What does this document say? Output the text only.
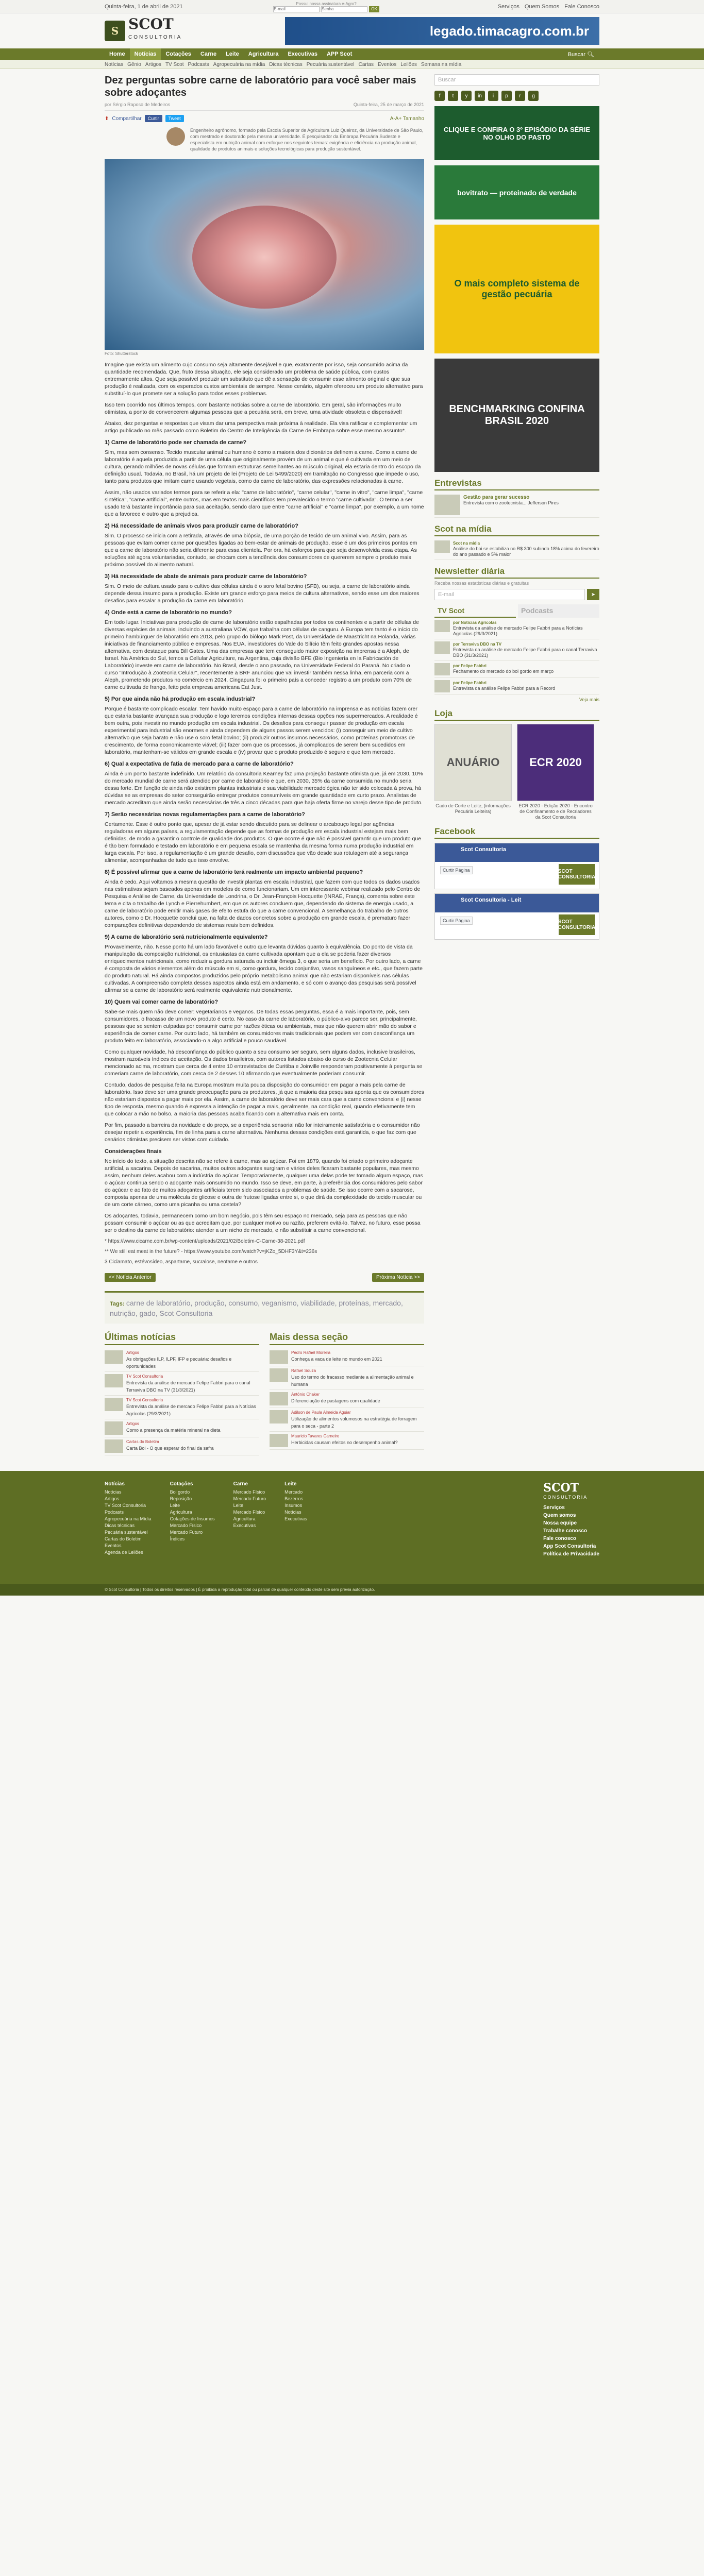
Quinta-feira, 1 de abril de 2021	Possui nossa assinatura e-Agro?
E-mail
OK	Serviços Quem Somos Fale Conosco
S SCOT
CONSULTORIA	legado.timacagro.com.br
Home	Notícias	Cotações	Carne	Leite	Agricultura	Executivas	APP Scot	Buscar 🔍︎
Notícias Gênio Artigos TV Scot Podcasts Agropecuária na mídia Dicas técnicas Pecuária sustentável Cartas Eventos Leilões Semana na mídia
Dez perguntas sobre carne de laboratório para você saber mais sobre adoçantes
por Sérgio Raposo de Medeiros	Quinta-feira, 25 de março de 2021
⬆ Compartilhar	Curtir	Tweet	A-A+ Tamanho

Engenheiro agrônomo, formado pela Escola Superior de Agricultura Luiz Queiroz, da Universidade de São Paulo, com mestrado e doutorado pela mesma universidade. É pesquisador da Embrapa Pecuária Sudeste e especialista em nutrição animal com enfoque nos seguintes temas: exigência e eficiência na produção animal, qualidade de produtos animais e soluções tecnológicas para produção sustentável.

Foto: Shutterstock

Imagine que exista um alimento cujo consumo seja altamente desejável e que, exatamente por isso, seja consumido acima da quantidade recomendada. Que, fruto dessa situação, ele seja considerado um problema de saúde pública, com custos extremamente altos. Que seja possível produzir um substituto que dê a sensação de consumir esse alimento original e que sua produção é realizada, com os esperados custos ambientais de sempre. Nesse cenário, alguém ofereceu um produto alternativo para substituí-lo que promete ser a solução para todos esses problemas.

Isso tem ocorrido nos últimos tempos, com bastante notícias sobre a carne de laboratório. Em geral, são informações muito otimistas, a ponto de convencerem algumas pessoas que a pecuária será, em breve, uma atividade obsoleta e dispensável!

Abaixo, dez perguntas e respostas que visam dar uma perspectiva mais próxima à realidade. Ela visa ratificar e complementar um artigo publicado no mês passado como Boletim do Centro de Inteligência da Carne de Embrapa sobre esse mesmo assunto*.

1) Carne de laboratório pode ser chamada de carne?

Sim, mas sem consenso. Tecido muscular animal ou humano é como a maioria dos dicionários definem a carne. Como a carne de laboratório é aquela produzida a partir de uma célula que originalmente provém de um animal e que é cultivada em um meio de cultura, gerando milhões de novas células que formam estruturas semelhantes ao músculo original, ela estaria dentro do escopo da definição usual. Todavia, no Brasil, há um projeto de lei (Projeto de Lei 5499/2020) em tramitação no Congresso que impede o uso, tanto para produtos que imitam carne usando vegetais, como da carne de laboratório, das expressões relacionadas à carne.

Assim, não usados variados termos para se referir a ela: "carne de laboratório", "carne celular", "carne in vitro", "carne limpa", "carne sintética", "carne artificial", entre outros, mas em textos mais científicos tem prevalecido o termo "carne cultivada". O termo a ser usado terá bastante importância para sua aceitação, sendo claro que entre "carne artificial" e "carne limpa", por exemplo, a um nome que a favorece e outro que a prejudica.

2) Há necessidade de animais vivos para produzir carne de laboratório?

Sim. O processo se inicia com a retirada, através de uma biópsia, de uma porção de tecido de um animal vivo. Assim, para as pessoas que evitam comer carne por questões ligadas ao bem-estar de animais de produção, esse é um dos primeiros pontos em que a carne de laboratório não seria diferente para essa clientela. Por ora, há esforços para que seja desenvolvida essa etapa. As soluções até agora voluntariadas, contudo, se chocam com a tendência dos consumidores de quererem sempre o produto mais próximo possível do alimento natural.

3) Há necessidade de abate de animais para produzir carne de laboratório?

Sim. O meio de cultura usado para o cultivo das células ainda é o soro fetal bovino (SFB), ou seja, a carne de laboratório ainda depende dessa insumo para a produção. Existe um grande esforço para meios de cultura alternativos, sendo esse um dos maiores desafios para escalar a produção da carne em laboratório.

4) Onde está a carne de laboratório no mundo?

Em todo lugar. Iniciativas para produção de carne de laboratório estão espalhadas por todos os continentes e a partir de células de diversas espécies de animais, incluindo a australiana VOW, que trabalha com células de canguru. A Europa tem tanto é o início do primeiro hambúrguer de laboratório em 2013, pelo grupo do biólogo Mark Post, da Universidade de Maastricht na Holanda, várias iniciativas de financiamento público e empresas. Nos EUA, investidores do Vale do Silício têm feito grandes apostas nessa alternativa, com destaque para Bill Gates. Uma das empresas que tem conseguido maior exposição na imprensa é a Aleph, de Israel. Na América do Sul, temos a Cellular Agriculture, na Argentina, cuja divisão BFE (Bio Ingeniería en la Fabricación de Laboratório) investe em carne de laboratório. No Brasil, desde o ano passado, na Universidade Federal do Paraná. No criado o curso "Introdução à Zootecnia Celular", recentemente a BRF anunciou que vai investir também nessa linha, em parceria com a Aleph, prometendo produtos no comércio em 2024. Cingapura foi o primeiro país a conceder registro a um produto com 70% de carne cultivada de frango, feito pela empresa americana Eat Just.

5) Por que ainda não há produção em escala industrial?

Porque é bastante complicado escalar. Tem havido muito espaço para a carne de laboratório na imprensa e as notícias fazem crer que estaria bastante avançada sua produção e logo teremos condições internas dessas opções nos supermercados. A realidade é bem outra, pois investir no mundo produção em escala industrial. Os desafios para conseguir passar de produção em escala experimental para industrial são enormes e ainda dependem de alguns passos serem vencidos: (i) conseguir um meio de cultivo alternativo que seja barato e não use o soro fetal bovino; (ii) produzir outros insumos necessários, como proteínas promotoras de crescimento, de forma economicamente viável; (iii) fazer com que os processos, já complicados de serem bem sucedidos em laboratório, mantenham-se válidos em grande escala e (iv) provar que o produto produzido é seguro e que tem mercado.

6) Qual a expectativa de fatia de mercado para a carne de laboratório?

Ainda é um ponto bastante indefinido. Um relatório da consultoria Kearney faz uma projeção bastante otimista que, já em 2030, 10% do mercado mundial de carne será atendido por carne de laboratório e que, em 2030, 35% da carne consumida no mundo seria dessa forte. Em função de ainda não existirem plantas industriais e sua viabilidade mercadológica não ter sido colocada à prova, há dúvidas se as empresas do setor conseguirão entregar produtos consumíveis em grande quantidade em curto prazo. Analistas de mercado acreditam que ainda serão necessárias de três a cinco décadas para que haja oferta firme no varejo desse tipo de produto.

7) Serão necessárias novas regulamentações para a carne de laboratório?

Certamente. Esse é outro ponto que, apesar de já estar sendo discutido para se delinear o arcabouço legal por agências reguladoras em alguns países, a regulamentação depende que as formas de produção em escala industrial estejam mais bem definidas, de modo a garantir o controle de qualidade dos produtos. O que ocorre é que não é possível garantir que um produto que é tão bem formulado e testado em laboratório e em pequena escala se mantenha da mesma forma numa produção industrial em larga escala. Por isso, a regulamentação é um grande desafio, com discussões que vão desde sua rotulagem até a segurança alimentar, acompanhadas de tudo que isso envolve.

8) É possível afirmar que a carne de laboratório terá realmente um impacto ambiental pequeno?

Ainda é cedo. Aqui voltamos a mesma questão de investir plantas em escala industrial, que fazem com que todos os dados usados nas estimativas sejam baseados apenas em modelos de como funcionariam. Um em interessante webinar realizado pelo Centro de Pesquisa e Análise de Carne, da Universidade de Londrina, o Dr. Jean-François Hocquette (INRAE, França), comenta sobre este tema e cita o trabalho de Lynch e Pierrehumbert, em que os autores concluem que, dependendo do sistema de energia usado, a carne de laboratório pode emitir mais gases de efeito estufa do que a carne convencional. A semelhança do trabalho de outros autores, como o Dr. Hocquette conclui que, na falta de dados concretos sobre a produção em grande escala, é prematuro fazer comparações definitivas dependendo de sistemas reais bem definidos.

9) A carne de laboratório será nutricionalmente equivalente?

Provavelmente, não. Nesse ponto há um lado favorável e outro que levanta dúvidas quanto à equivalência. Do ponto de vista da manipulação da composição nutricional, os entusiastas da carne cultivada apontam que a ela se poderia fazer diversos enriquecimentos nutricionais, como reduzir a gordura saturada ou incluir ômega 3, o que seria um benefício. Por outro lado, a carne é composta de vários elementos além do músculo em si, como gordura, tecido conjuntivo, vasos sanguíneos e etc., que fazem parte do produto natural. Há ainda compostos produzidos pelo próprio metabolismo animal que não estariam disponíveis nas células cultivadas. A compreensão completa desses aspectos ainda está em andamento, e só com o avanço das pesquisas será possível afirmar se a carne de laboratório será realmente equivalente nutricionalmente.

10) Quem vai comer carne de laboratório?

Sabe-se mais quem não deve comer: vegetarianos e veganos. De todas essas perguntas, essa é a mais importante, pois, sem consumidores, o fracasso de um novo produto é certo. No caso da carne de laboratório, o público-alvo parece ser, principalmente, pessoas que se sentem culpadas por consumir carne por razões éticas ou ambientais, mas que não querem abrir mão do sabor e experiência de comer carne. Por outro lado, há também os consumidores mais tradicionais que podem ver com desconfiança um produto feito em laboratório, associando-o a algo artificial e pouco saudável.

Como qualquer novidade, há desconfiança do público quanto a seu consumo ser seguro, sem alguns dados, inclusive brasileiros, mostram razoáveis índices de aceitação. Os dados brasileiros, com autores listados abaixo do curso de Zootecnia Celular mencionado acima, mostram que cerca de 4 entre 10 entrevistados de Curitiba e Joinville responderam positivamente à pergunta se comeriam carne de laboratório, com cerca de 2 desses 10 afirmando que eventualmente poderiam consumir.

Contudo, dados de pesquisa feita na Europa mostram muita pouca disposição do consumidor em pagar a mais pela carne de laboratório. Isso deve ser uma grande preocupação para os produtores, já que a maioria das pesquisas aponta que os consumidores não estariam dispostos a pagar mais por ela. Assim, a carne de laboratório deve ser mais cara que a carne convencional e (i) nesse tipo de resposta, mesmo quando é expressa a intenção de pagar a mais, geralmente, na condição real, quando efetivamente tem que colocar a mão no bolso, a maioria das pessoas acaba ficando com a alternativa mais em conta.

Por fim, passado a barreira da novidade e do preço, se a experiência sensorial não for inteiramente satisfatória e o consumidor não desejar repetir a experiência, fim de linha para a carne alternativa. Nenhuma dessas condições está garantida, o que faz com que cenários otimistas precisem ser vistos com cuidado.

Considerações finais

No início do texto, a situação descrita não se refere à carne, mas ao açúcar. Foi em 1879, quando foi criado o primeiro adoçante artificial, a sacarina. Depois de sacarina, muitos outros adoçantes surgiram e vários deles ficaram bastante populares, mas mesmo assim, nenhum deles acabou com a indústria do açúcar. Temporariamente, qualquer uma delas pode ter tomado algum espaço, mas o açúcar continua sendo o adoçante mais consumido no mundo. Isso se deve, em parte, à preferência dos consumidores pelo sabor do açúcar e ao fato de muitos adoçantes artificiais terem sido associados a problemas de saúde. Se isso ocorre com a sacarose, composta apenas de uma molécula de glicose e outra de frutose ligadas entre si, o que dirá da complexidade do tecido muscular ou de um corte cárneo, como uma picanha ou uma costela?

Os adoçantes, todavia, permanecem como um bom negócio, pois têm seu espaço no mercado, seja para as pessoas que não possam consumir o açúcar ou as que acreditam que, por qualquer motivo ou razão, preferem evitá-lo. Talvez, no futuro, esse possa ser o destino da carne de laboratório: atender a um nicho de mercado, e não substituir a carne convencional.

* https://www.cicarne.com.br/wp-content/uploads/2021/02/Boletim-C-Carne-38-2021.pdf
** We still eat meat in the future? - https://www.youtube.com/watch?v=jKZo_5DHF3Y&t=236s
3 Ciclamato, estévosídeo, aspartame, sucralose, neotame e outros
<< Notícia Anterior	Próxima Notícia >>
Tags: carne de laboratório, produção, consumo, veganismo, viabilidade, proteínas, mercado, nutrição, gado, Scot Consultoria
Últimas notícias
Artigos
As obrigações ILP, ILPF, IFP e pecuária: desafios e oportunidades
TV Scot Consultoria
Entrevista da análise de mercado Felipe Fabbri para o canal Terraviva DBO na TV (31/3/2021)
TV Scot Consultoria
Entrevista da análise de mercado Felipe Fabbri para a Notícias Agrícolas (29/3/2021)
Artigos
Como a presença da matéria mineral na dieta
Cartas do Boletim
Carta Boi - O que esperar do final da safra
Mais dessa seção
Pedro Rafael Moreira
Conheça a vaca de leite no mundo em 2021
Rafael Souza
Uso do termo do fracasso mediante a alimentação animal e humana
Antônio Chaker
Diferenciação de pastagens com qualidade
Adilson de Paula Almeida Aguiar
Utilização de alimentos volumosos na estratégia de forragem para o seca - parte 2
Mauricio Tavares Carneiro
Herbicidas causam efeitos no desempenho animal?
Buscar
f	t	y	in	i	p	r	g
CLIQUE E CONFIRA O 3º EPISÓDIO DA SÉRIE NO OLHO DO PASTO
bovitrato — proteinado de verdade
O mais completo sistema de gestão pecuária
BENCHMARKING CONFINA BRASIL 2020
Entrevistas
Gestão para gerar sucesso
Entrevista com o zootecnista... Jefferson Pires
Scot na mídia
Scot na mídia
Análise do boi se estabiliza no R$ 300 subindo 18% acima do fevereiro do ano passado e 5% maior
Newsletter diária
Receba nossas estatísticas diárias e gratuitas
E-mail	➤
TV Scot	Podcasts
por Notícias Agrícolas
Entrevista da análise de mercado Felipe Fabbri para a Notícias Agrícolas (29/3/2021)
por Terraviva DBO na TV
Entrevista da análise de mercado Felipe Fabbri para o canal Terraviva DBO (31/3/2021)
por Felipe Fabbri
Fechamento do mercado do boi gordo em março
por Felipe Fabbri
Entrevista da análise Felipe Fabbri para a Record
Veja mais
Loja
ANUÁRIO

Gado de Corte e Leite, (informações Pecuária Leiteira)

ECR 2020

ECR 2020 - Edição 2020 - Encontro de Confinamento e de Recriadores da Scot Consultoria

Facebook
Scot Consultoria
Curtir Página	SCOT CONSULTORIA
Scot Consultoria - Leit
Curtir Página	SCOT CONSULTORIA
Notícias
Notícias
Artigos
TV Scot Consultoria
Podcasts
Agropecuária na Mídia
Dicas técnicas
Pecuária sustentável
Cartas do Boletim
Eventos
Agenda de Leilões
Cotações
Boi gordo
Reposição
Leite
Agricultura
Cotações de Insumos
Mercado Físico
Mercado Futuro
Índices
Carne
Mercado Físico
Mercado Futuro
Leite
Mercado Físico
Agricultura
Executivas
Leite
Mercado
Bezerros
Insumos
Notícias
Executivas
SCOT
CONSULTORIA
Serviços
Quem somos
Nossa equipe
Trabalhe conosco
Fale conosco
App Scot Consultoria
Política de Privacidade
© Scot Consultoria | Todos os direitos reservados | É proibida a reprodução total ou parcial de qualquer conteúdo deste site sem prévia autorização.
